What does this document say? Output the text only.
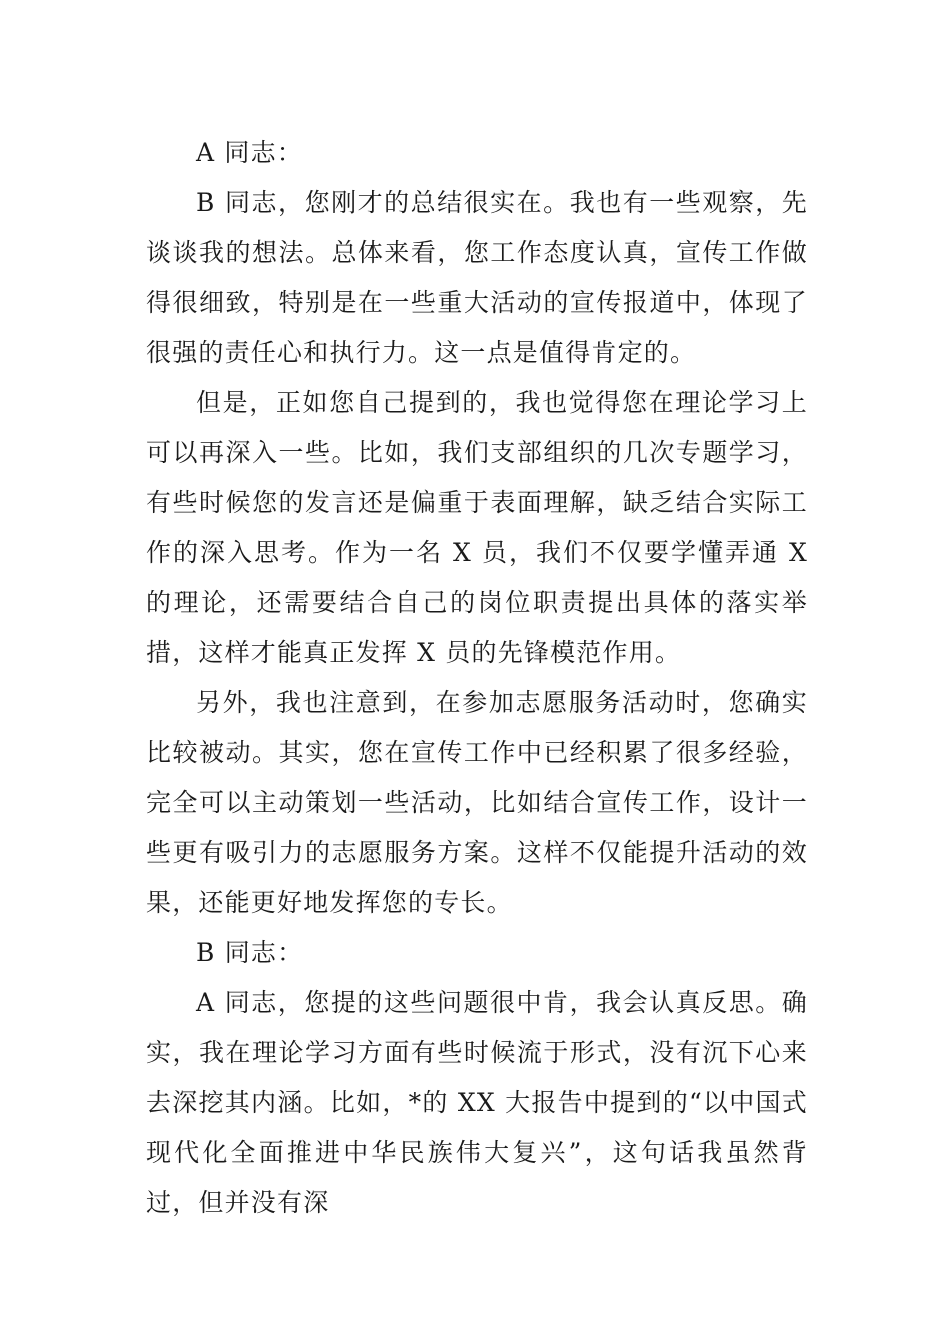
A 同志：

B 同志，您刚才的总结很实在。我也有一些观察，先谈谈我的想法。总体来看，您工作态度认真，宣传工作做得很细致，特别是在一些重大活动的宣传报道中，体现了很强的责任心和执行力。这一点是值得肯定的。

但是，正如您自己提到的，我也觉得您在理论学习上可以再深入一些。比如，我们支部组织的几次专题学习，有些时候您的发言还是偏重于表面理解，缺乏结合实际工作的深入思考。作为一名 X 员，我们不仅要学懂弄通 X 的理论，还需要结合自己的岗位职责提出具体的落实举措，这样才能真正发挥 X 员的先锋模范作用。

另外，我也注意到，在参加志愿服务活动时，您确实比较被动。其实，您在宣传工作中已经积累了很多经验，完全可以主动策划一些活动，比如结合宣传工作，设计一些更有吸引力的志愿服务方案。这样不仅能提升活动的效果，还能更好地发挥您的专长。

B 同志：

A 同志，您提的这些问题很中肯，我会认真反思。确实，我在理论学习方面有些时候流于形式，没有沉下心来去深挖其内涵。比如，*的 XX 大报告中提到的“以中国式现代化全面推进中华民族伟大复兴”，这句话我虽然背过，但并没有深
